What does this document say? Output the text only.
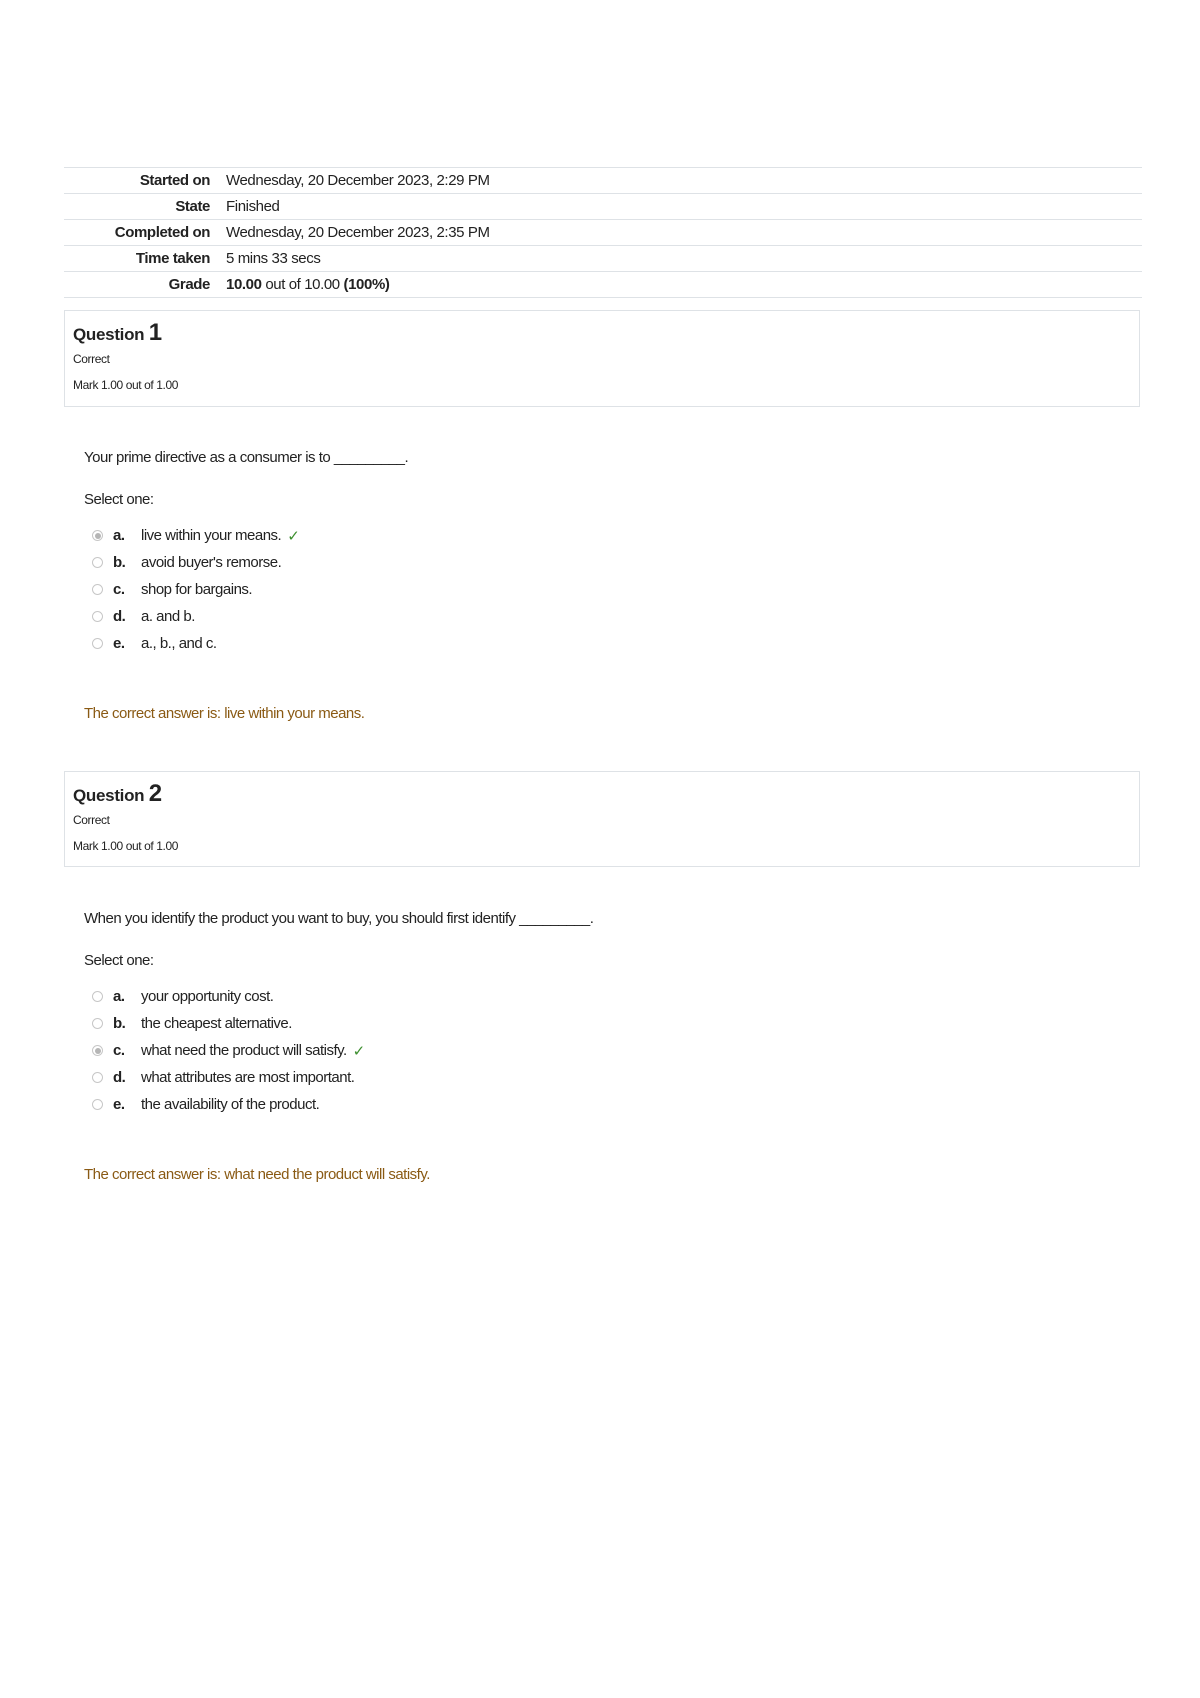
Started on	Wednesday, 20 December 2023, 2:29 PM
State	Finished
Completed on	Wednesday, 20 December 2023, 2:35 PM
Time taken	5 mins 33 secs
Grade	10.00 out of 10.00 (100%)
Question 1
Correct
Mark 1.00 out of 1.00
Your prime directive as a consumer is to _________.
Select one:
a.	live within your means. ✓
b.	avoid buyer's remorse.
c.	shop for bargains.
d.	a. and b.
e.	a., b., and c.
The correct answer is: live within your means.
Question 2
Correct
Mark 1.00 out of 1.00
When you identify the product you want to buy, you should first identify _________.
Select one:
a.	your opportunity cost.
b.	the cheapest alternative.
c.	what need the product will satisfy. ✓
d.	what attributes are most important.
e.	the availability of the product.
The correct answer is: what need the product will satisfy.
